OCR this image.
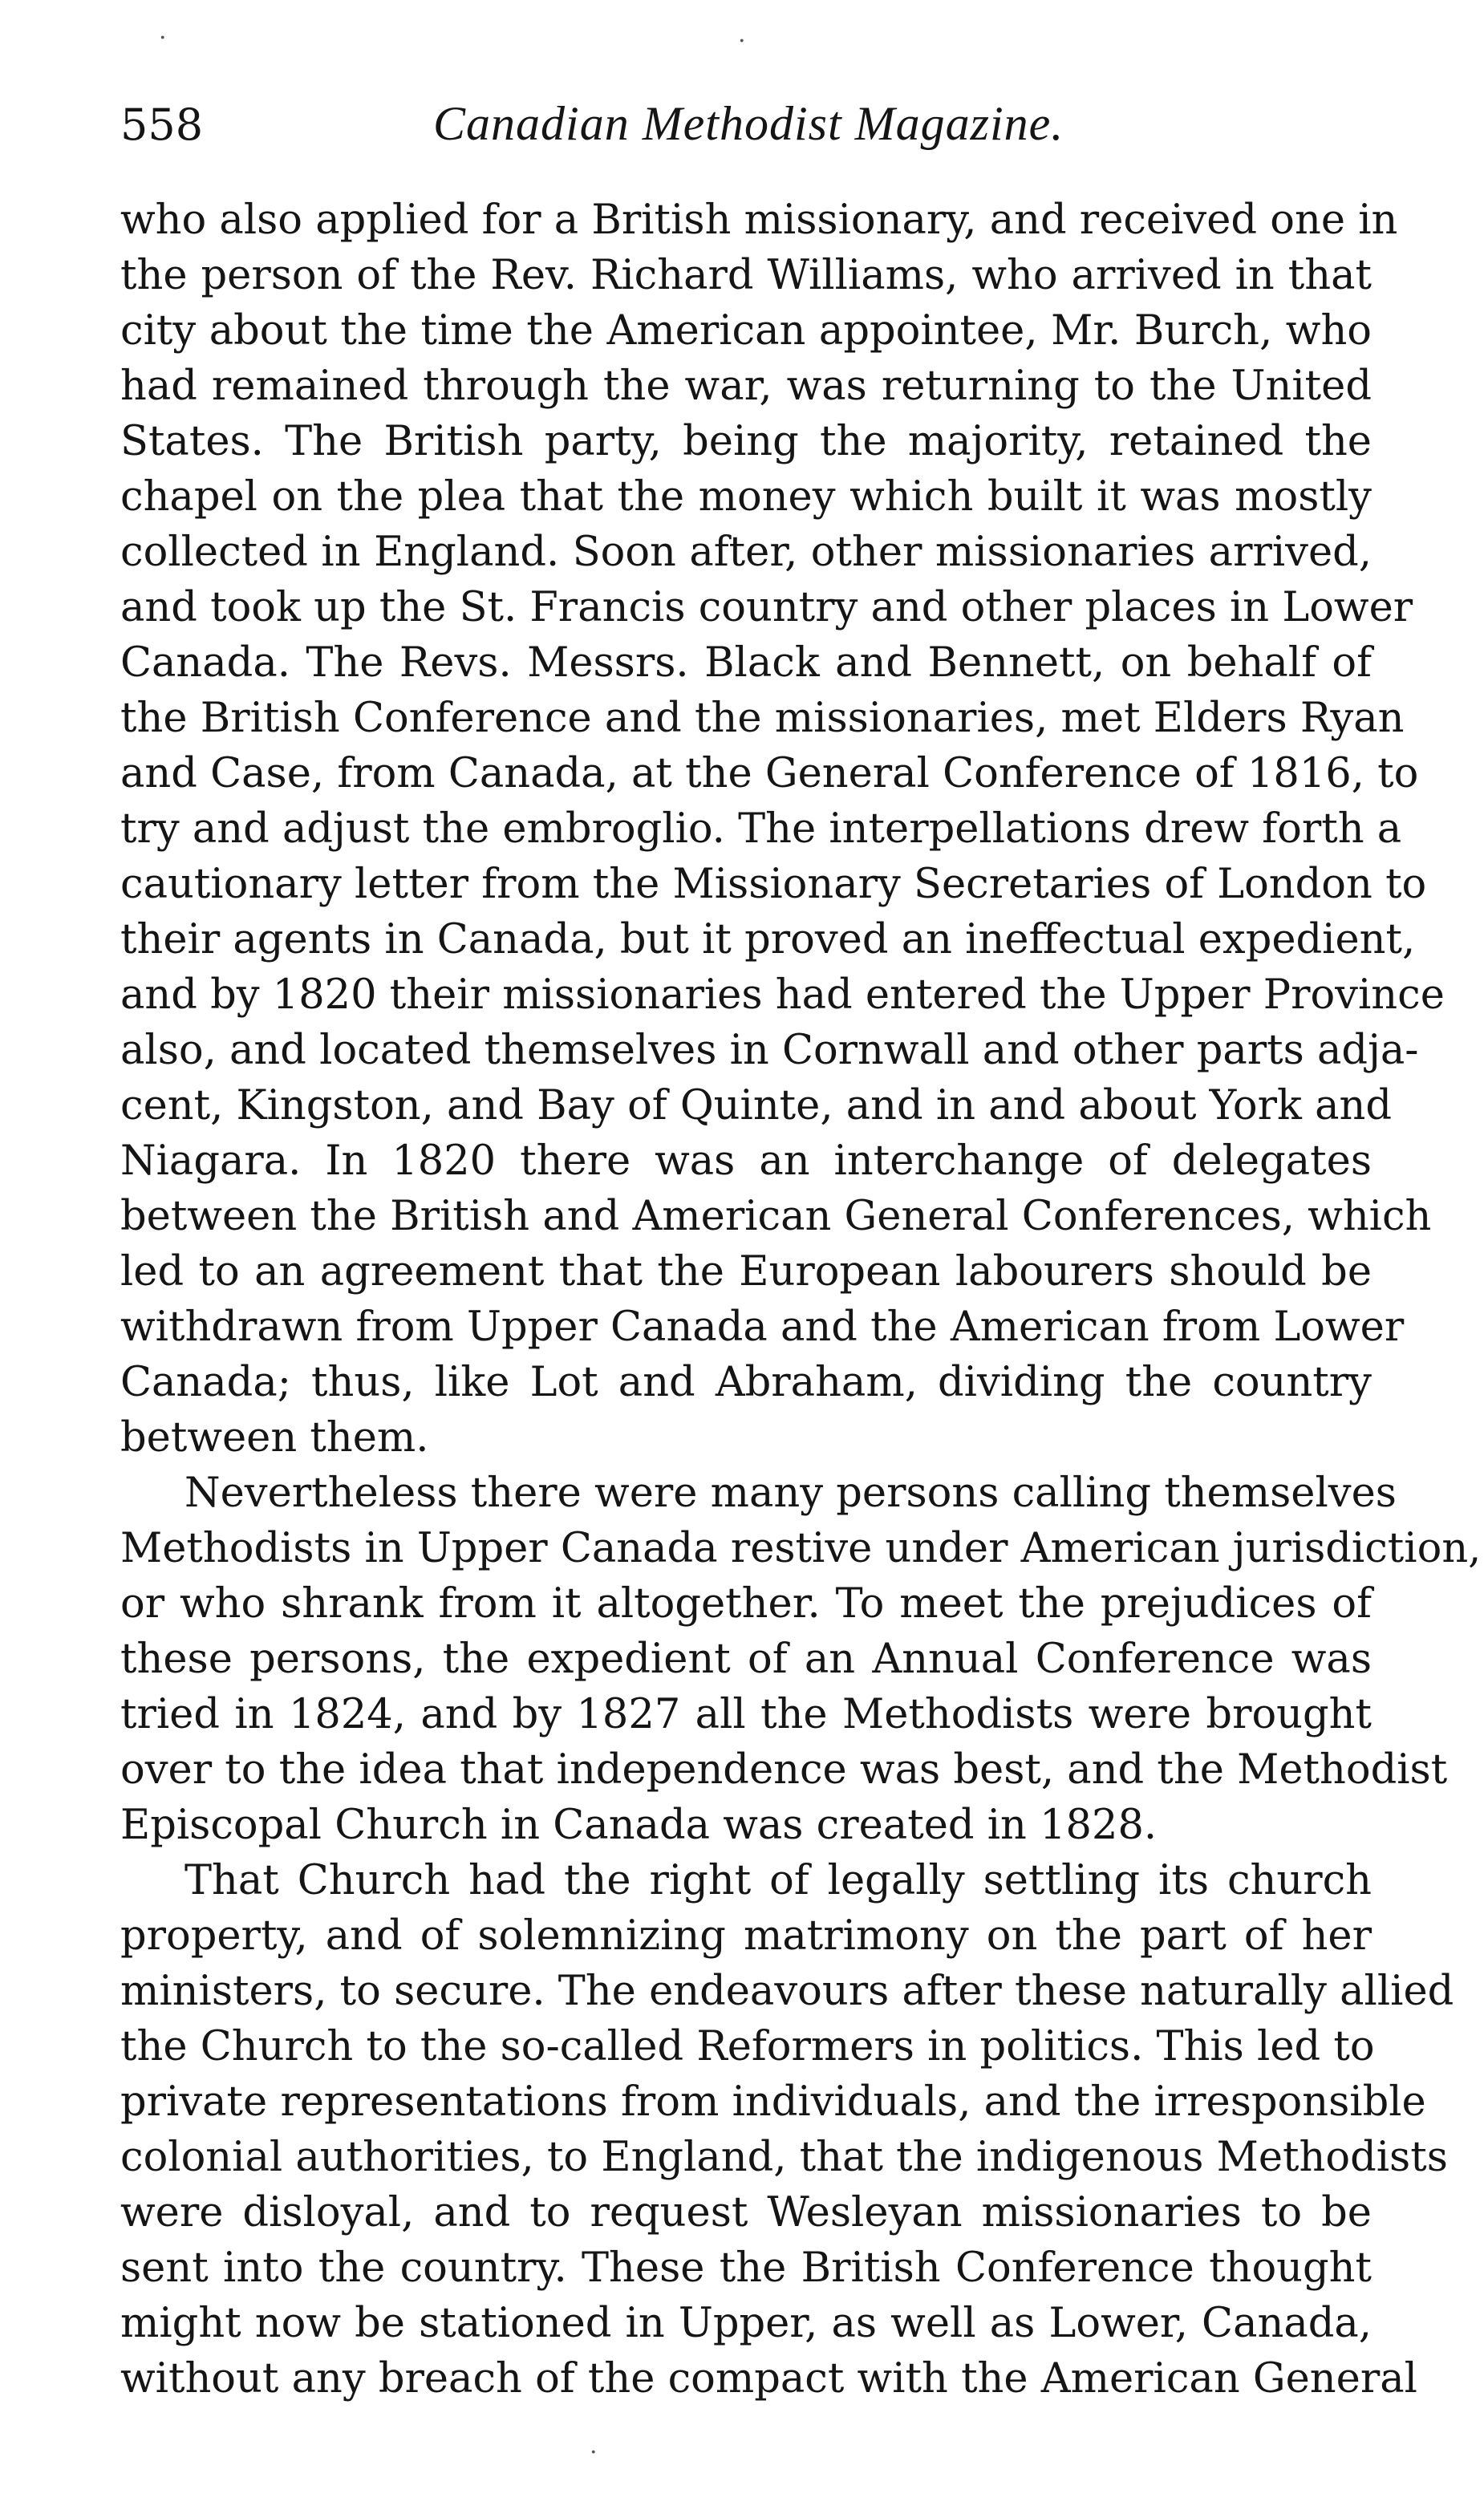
558	Canadian Methodist Magazine.
who also applied for a British missionary, and received one in
the person of the Rev. Richard Williams, who arrived in that
city about the time the American appointee, Mr. Burch, who
had remained through the war, was returning to the United
States. The British party, being the majority, retained the
chapel on the plea that the money which built it was mostly
collected in England. Soon after, other missionaries arrived,
and took up the St. Francis country and other places in Lower
Canada. The Revs. Messrs. Black and Bennett, on behalf of
the British Conference and the missionaries, met Elders Ryan
and Case, from Canada, at the General Conference of 1816, to
try and adjust the embroglio. The interpellations drew forth a
cautionary letter from the Missionary Secretaries of London to
their agents in Canada, but it proved an ineffectual expedient,
and by 1820 their missionaries had entered the Upper Province
also, and located themselves in Cornwall and other parts adja-
cent, Kingston, and Bay of Quinte, and in and about York and
Niagara. In 1820 there was an interchange of delegates
between the British and American General Conferences, which
led to an agreement that the European labourers should be
withdrawn from Upper Canada and the American from Lower
Canada; thus, like Lot and Abraham, dividing the country
between them.
Nevertheless there were many persons calling themselves
Methodists in Upper Canada restive under American jurisdiction,
or who shrank from it altogether. To meet the prejudices of
these persons, the expedient of an Annual Conference was
tried in 1824, and by 1827 all the Methodists were brought
over to the idea that independence was best, and the Methodist
Episcopal Church in Canada was created in 1828.
That Church had the right of legally settling its church
property, and of solemnizing matrimony on the part of her
ministers, to secure. The endeavours after these naturally allied
the Church to the so-called Reformers in politics. This led to
private representations from individuals, and the irresponsible
colonial authorities, to England, that the indigenous Methodists
were disloyal, and to request Wesleyan missionaries to be
sent into the country. These the British Conference thought
might now be stationed in Upper, as well as Lower, Canada,
without any breach of the compact with the American General
·	·
·
